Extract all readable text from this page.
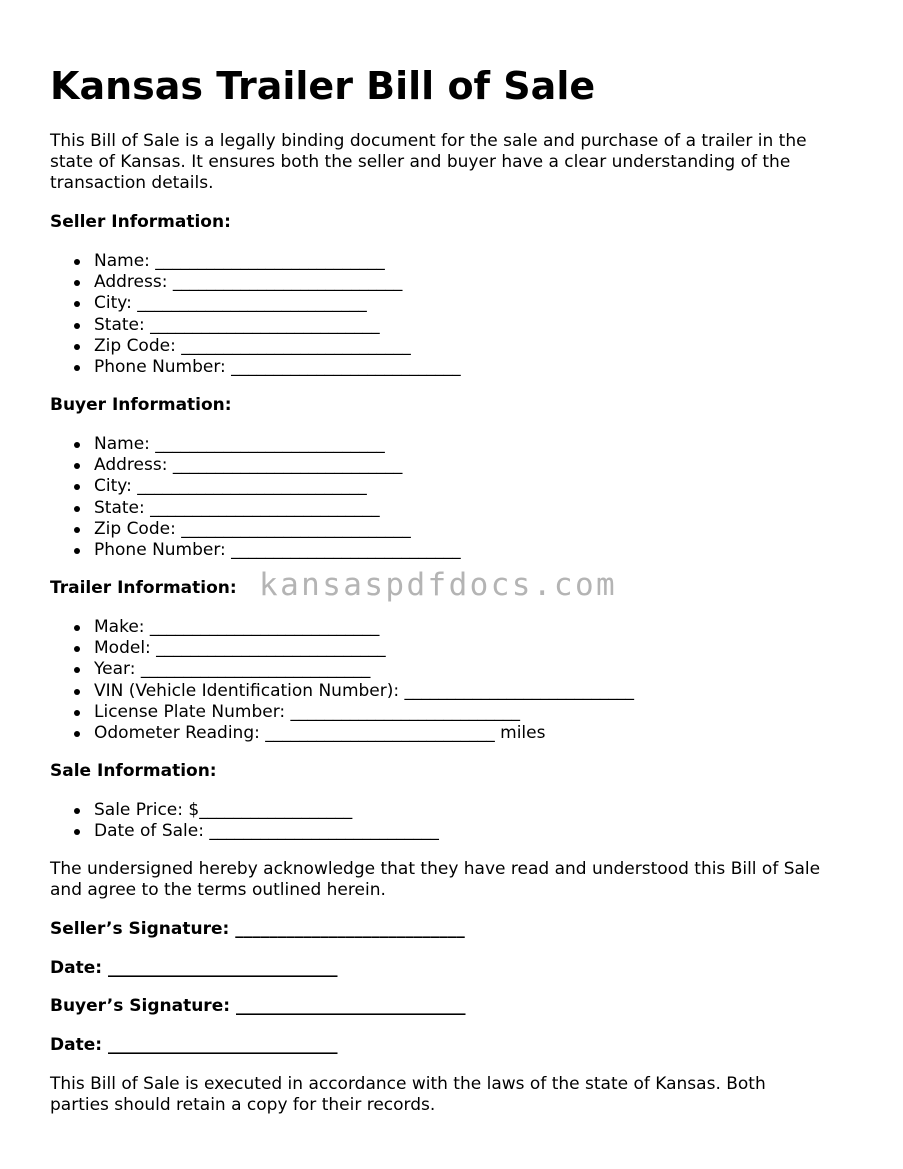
Kansas Trailer Bill of Sale

This Bill of Sale is a legally binding document for the sale and purchase of a trailer in the state of Kansas. It ensures both the seller and buyer have a clear understanding of the transaction details.

Seller Information:

Name: ___________________________
Address: ___________________________
City: ___________________________
State: ___________________________
Zip Code: ___________________________
Phone Number: ___________________________

Buyer Information:

Name: ___________________________
Address: ___________________________
City: ___________________________
State: ___________________________
Zip Code: ___________________________
Phone Number: ___________________________

Trailer Information:

Make: ___________________________
Model: ___________________________
Year: ___________________________
VIN (Vehicle Identification Number): ___________________________
License Plate Number: ___________________________
Odometer Reading: ___________________________ miles

Sale Information:

Sale Price: $__________________
Date of Sale: ___________________________

The undersigned hereby acknowledge that they have read and understood this Bill of Sale and agree to the terms outlined herein.

Seller’s Signature: ___________________________

Date: ___________________________

Buyer’s Signature: ___________________________

Date: ___________________________

This Bill of Sale is executed in accordance with the laws of the state of Kansas. Both parties should retain a copy for their records.

kansaspdfdocs.com
